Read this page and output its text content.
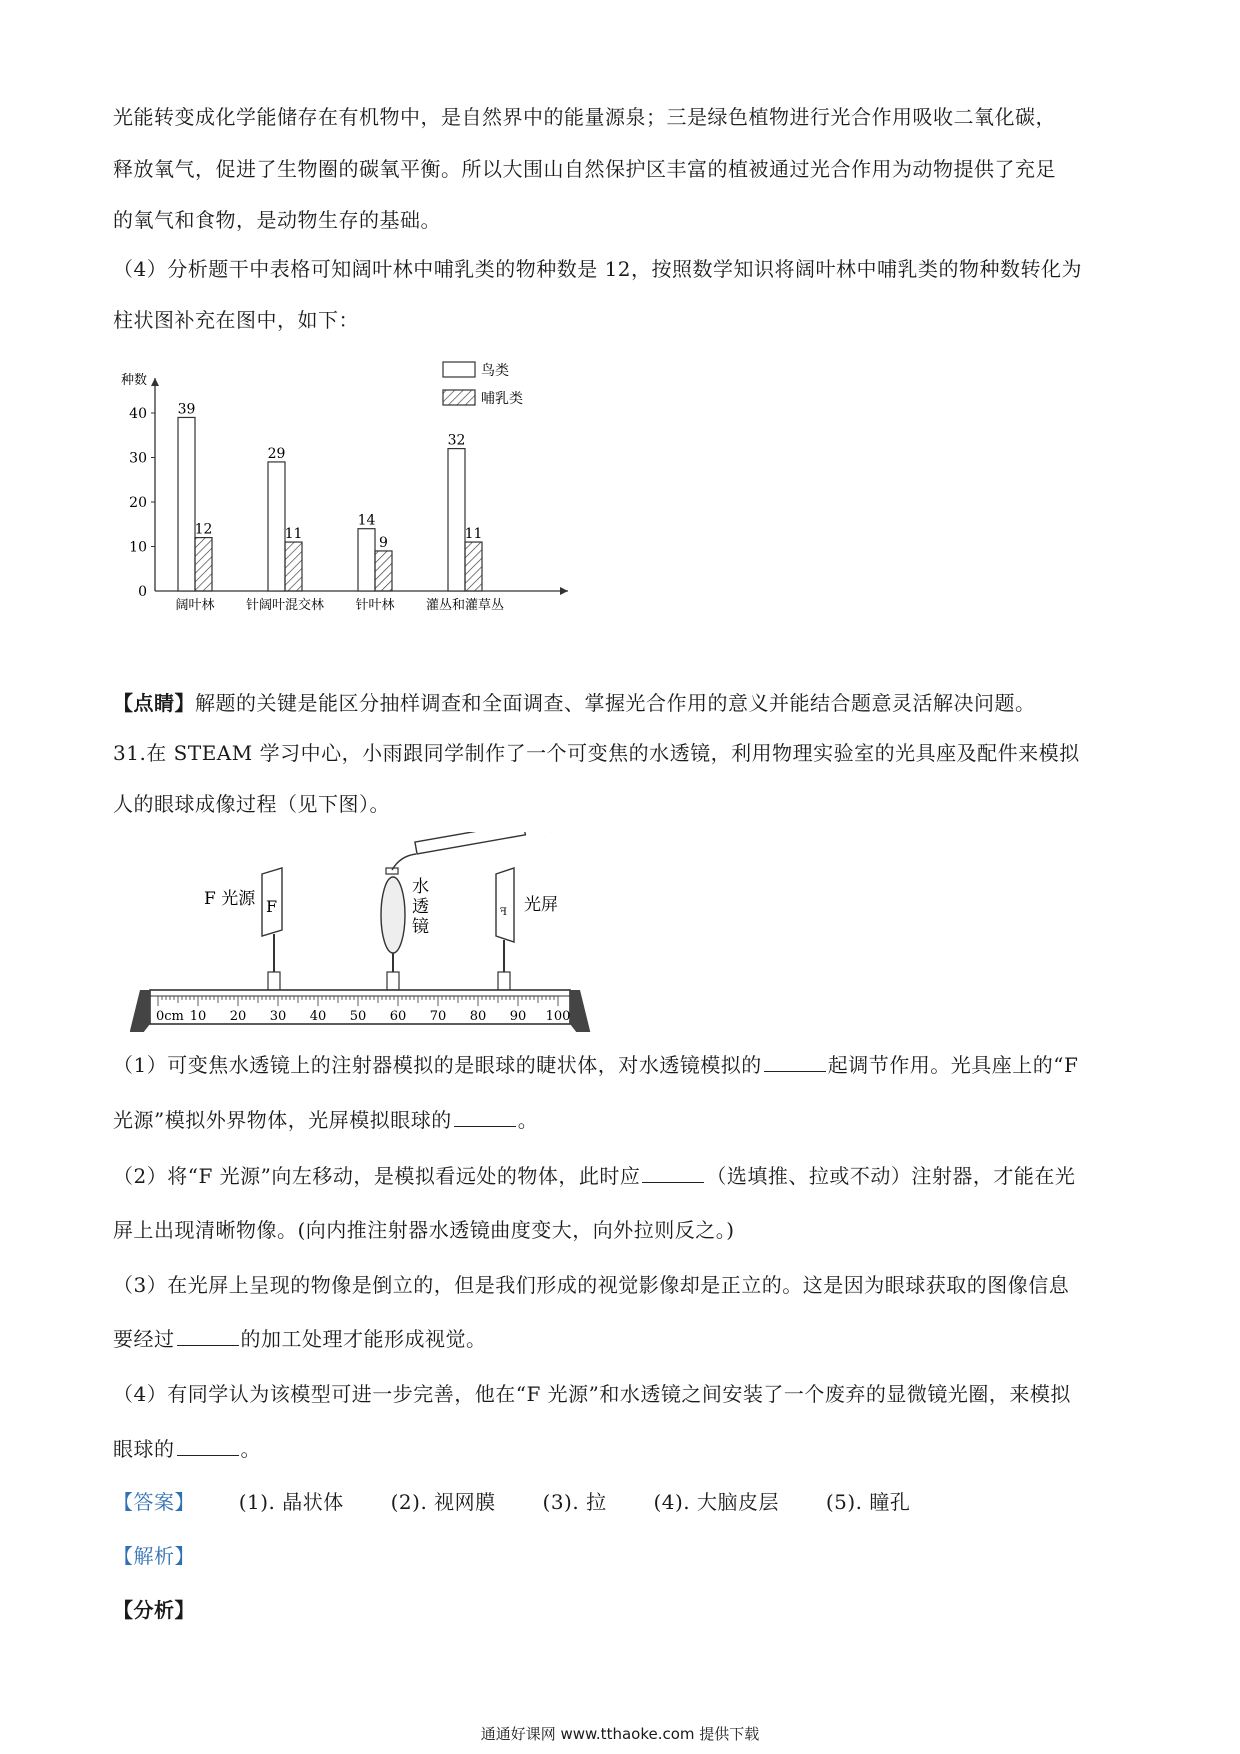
光能转变成化学能储存在有机物中，是自然界中的能量源泉；三是绿色植物进行光合作用吸收二氧化碳，
释放氧气，促进了生物圈的碳氧平衡。所以大围山自然保护区丰富的植被通过光合作用为动物提供了充足
的氧气和食物，是动物生存的基础。
（4）分析题干中表格可知阔叶林中哺乳类的物种数是 12，按照数学知识将阔叶林中哺乳类的物种数转化为
柱状图补充在图中，如下：
种数
0
10
20
30
40 39
12
阔叶林
29
11
针阔叶混交林
14
9
针叶林
32
11
灌丛和灌草丛
鸟类
哺乳类
【点睛】解题的关键是能区分抽样调查和全面调查、掌握光合作用的意义并能结合题意灵活解决问题。
31.在 STEAM 学习中心，小雨跟同学制作了一个可变焦的水透镜，利用物理实验室的光具座及配件来模拟
人的眼球成像过程（见下图）。
F	ꟻ
F 光源
水
透
镜
光屏
0cm 10 20 30 40 50 60 70 80 90 100
（1）可变焦水透镜上的注射器模拟的是眼球的睫状体，对水透镜模拟的	起调节作用。光具座上的“F
光源”模拟外界物体，光屏模拟眼球的	。
（2）将“F 光源”向左移动，是模拟看远处的物体，此时应	（选填推、拉或不动）注射器，才能在光
屏上出现清晰物像。(向内推注射器水透镜曲度变大，向外拉则反之。)
（3）在光屏上呈现的物像是倒立的，但是我们形成的视觉影像却是正立的。这是因为眼球获取的图像信息
要经过	的加工处理才能形成视觉。
（4）有同学认为该模型可进一步完善，他在“F 光源”和水透镜之间安装了一个废弃的显微镜光圈，来模拟
眼球的	。
【答案】 (1). 晶状体 (2). 视网膜 (3). 拉 (4). 大脑皮层 (5). 瞳孔
【解析】
【分析】
通通好课网 www.tthaoke.com 提供下载
